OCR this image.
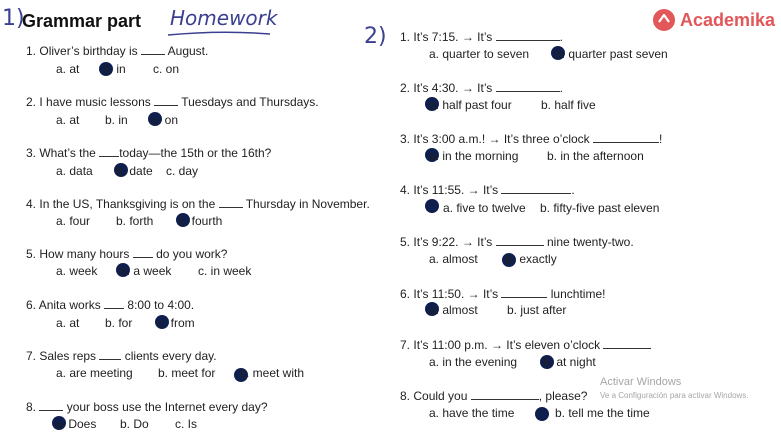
1)
Grammar part Homework
2)
Academika
1. Oliver’s birthday is	August.
a. at b. in c. on
2. I have music lessons	Tuesdays and Thursdays.
a. at b. in c. on
3. What’s the today—the 15th or the 16th?
a. data b. date c. day
4. In the US, Thanksgiving is on the	Thursday in November.
a. four b. forth c. fourth
5. How many hours do you work?
a. week b. a week c. in week
6. Anita works 8:00 to 4:00.
a. at b. for c. from
7. Sales reps clients every day.
a. are meeting b. meet for c. meet with
8.	your boss use the Internet every day?
a. Does b. Do c. Is
1. It’s 7:15. → It’s	.
a. quarter to seven b. quarter past seven
2. It’s 4:30. → It’s	.
a. half past four b. half five
3. It’s 3:00 a.m.! → It’s three o’clock	!
a. in the morning b. in the afternoon
4. It’s 11:55. → It’s	.
a. five to twelve b. fifty-five past eleven
5. It’s 9:22. → It’s	nine twenty-two.
a. almost b. exactly
6. It’s 11:50. → It’s	lunchtime!
a. almost b. just after
7. It’s 11:00 p.m. → It’s eleven o’clock
a. in the evening b. at night
8. Could you	, please?
a. have the time	b. tell me the time
Activar Windows
Ve a Configuración para activar Windows.
